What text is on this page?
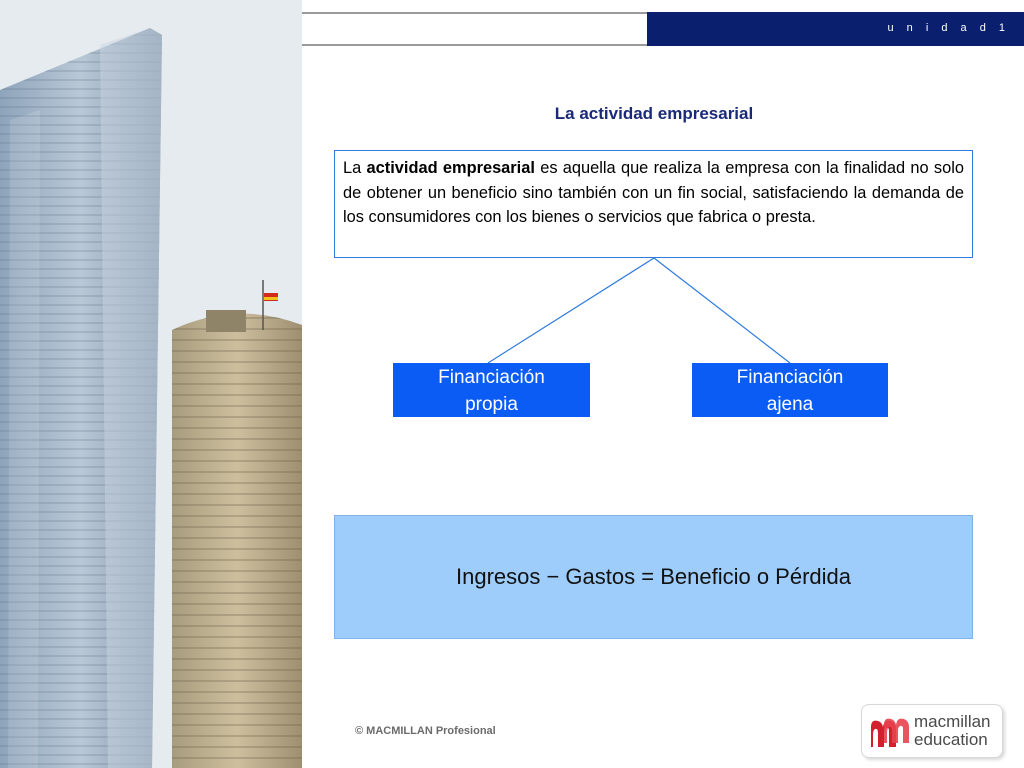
u n i d a d 1
La actividad empresarial
La actividad empresarial es aquella que realiza la empresa con la finalidad no solo de obtener un beneficio sino también con un fin social, satisfaciendo la demanda de los consumidores con los bienes o servicios que fabrica o presta.
Financiación
propia
Financiación
ajena
Ingresos − Gastos = Beneficio o Pérdida
© MACMILLAN Profesional	macmillan
education
